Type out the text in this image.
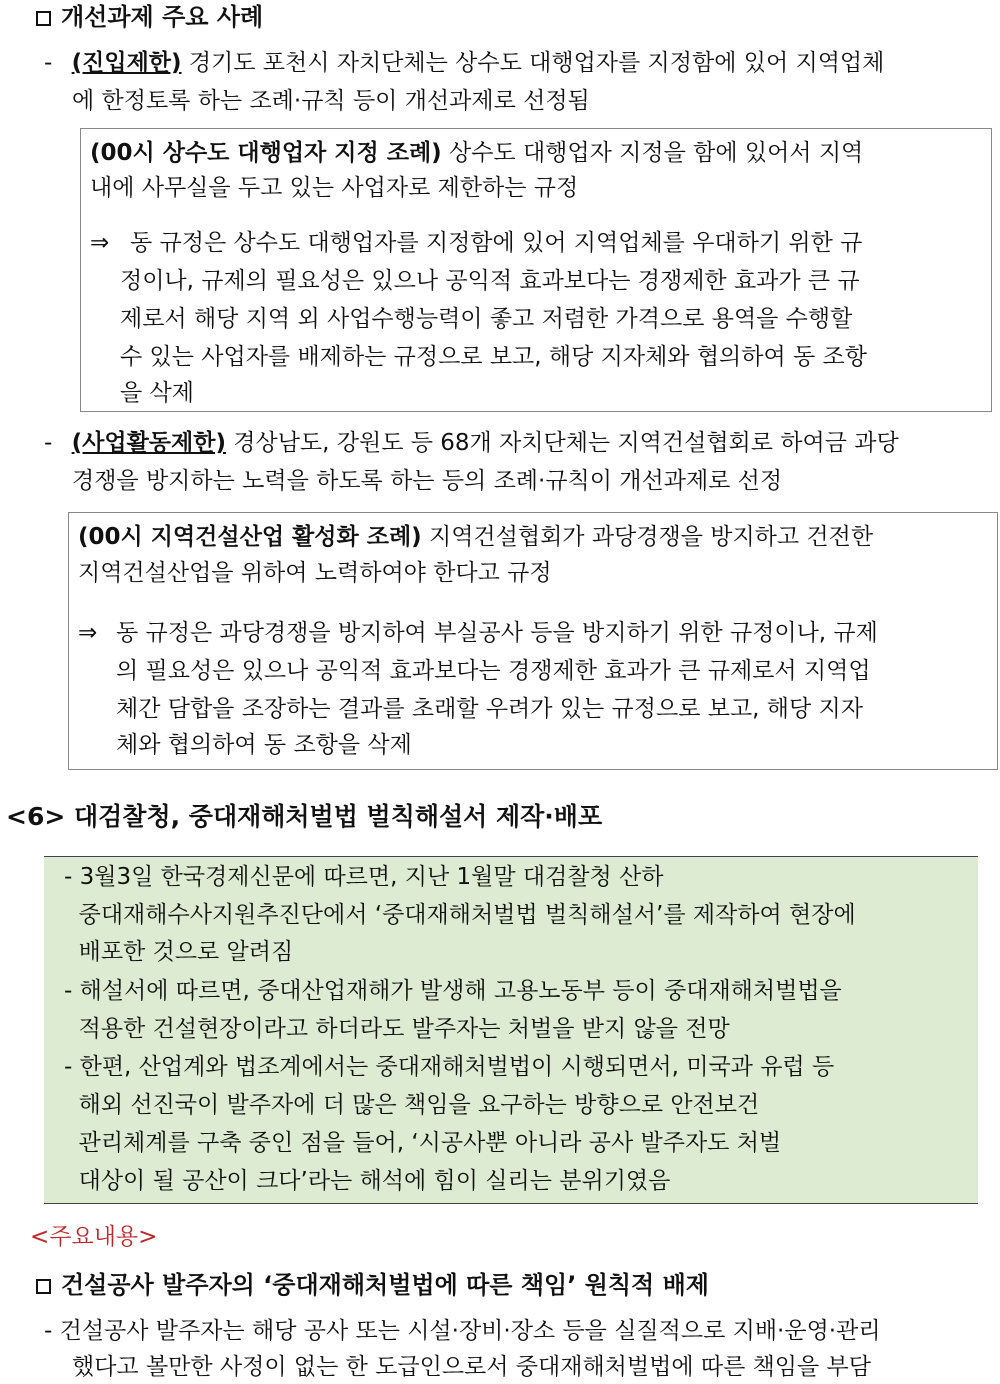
개선과제 주요 사례
- (진입제한) 경기도 포천시 자치단체는 상수도 대행업자를 지정함에 있어 지역업체
에 한정토록 하는 조례·규칙 등이 개선과제로 선정됨
(00시 상수도 대행업자 지정 조례) 상수도 대행업자 지정을 함에 있어서 지역
내에 사무실을 두고 있는 사업자로 제한하는 규정
⇒ 동 규정은 상수도 대행업자를 지정함에 있어 지역업체를 우대하기 위한 규
정이나, 규제의 필요성은 있으나 공익적 효과보다는 경쟁제한 효과가 큰 규
제로서 해당 지역 외 사업수행능력이 좋고 저렴한 가격으로 용역을 수행할
수 있는 사업자를 배제하는 규정으로 보고, 해당 지자체와 협의하여 동 조항
을 삭제
- (사업활동제한) 경상남도, 강원도 등 68개 자치단체는 지역건설협회로 하여금 과당
경쟁을 방지하는 노력을 하도록 하는 등의 조례·규칙이 개선과제로 선정
(00시 지역건설산업 활성화 조례) 지역건설협회가 과당경쟁을 방지하고 건전한
지역건설산업을 위하여 노력하여야 한다고 규정
⇒ 동 규정은 과당경쟁을 방지하여 부실공사 등을 방지하기 위한 규정이나, 규제
의 필요성은 있으나 공익적 효과보다는 경쟁제한 효과가 큰 규제로서 지역업
체간 담합을 조장하는 결과를 초래할 우려가 있는 규정으로 보고, 해당 지자
체와 협의하여 동 조항을 삭제
<6> 대검찰청, 중대재해처벌법 벌칙해설서 제작·배포
- 3월3일 한국경제신문에 따르면, 지난 1월말 대검찰청 산하
중대재해수사지원추진단에서 ‘중대재해처벌법 벌칙해설서’를 제작하여 현장에
배포한 것으로 알려짐
- 해설서에 따르면, 중대산업재해가 발생해 고용노동부 등이 중대재해처벌법을
적용한 건설현장이라고 하더라도 발주자는 처벌을 받지 않을 전망
- 한편, 산업계와 법조계에서는 중대재해처벌법이 시행되면서, 미국과 유럽 등
해외 선진국이 발주자에 더 많은 책임을 요구하는 방향으로 안전보건
관리체계를 구축 중인 점을 들어, ‘시공사뿐 아니라 공사 발주자도 처벌
대상이 될 공산이 크다’라는 해석에 힘이 실리는 분위기였음
<주요내용>
건설공사 발주자의 ‘중대재해처벌법에 따른 책임’ 원칙적 배제
- 건설공사 발주자는 해당 공사 또는 시설·장비·장소 등을 실질적으로 지배·운영·관리
했다고 볼만한 사정이 없는 한 도급인으로서 중대재해처벌법에 따른 책임을 부담
